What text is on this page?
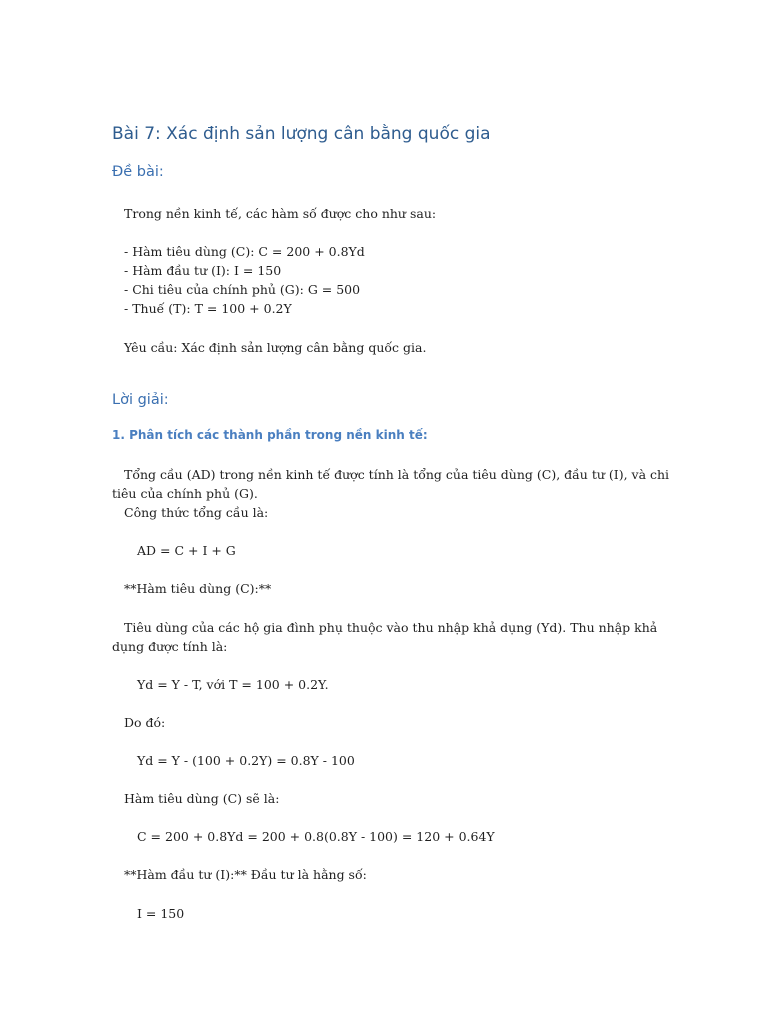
Bài 7: Xác định sản lượng cân bằng quốc gia
Đề bài:
Trong nền kinh tế, các hàm số được cho như sau:
- Hàm tiêu dùng (C): C = 200 + 0.8Yd
- Hàm đầu tư (I): I = 150
- Chi tiêu của chính phủ (G): G = 500
- Thuế (T): T = 100 + 0.2Y
Yêu cầu: Xác định sản lượng cân bằng quốc gia.
Lời giải:
1. Phân tích các thành phần trong nền kinh tế:
Tổng cầu (AD) trong nền kinh tế được tính là tổng của tiêu dùng (C), đầu tư (I), và chi
tiêu của chính phủ (G).
Công thức tổng cầu là:
AD = C + I + G
**Hàm tiêu dùng (C):**
Tiêu dùng của các hộ gia đình phụ thuộc vào thu nhập khả dụng (Yd). Thu nhập khả
dụng được tính là:
Yd = Y - T, với T = 100 + 0.2Y.
Do đó:
Yd = Y - (100 + 0.2Y) = 0.8Y - 100
Hàm tiêu dùng (C) sẽ là:
C = 200 + 0.8Yd = 200 + 0.8(0.8Y - 100) = 120 + 0.64Y
**Hàm đầu tư (I):** Đầu tư là hằng số:
I = 150
